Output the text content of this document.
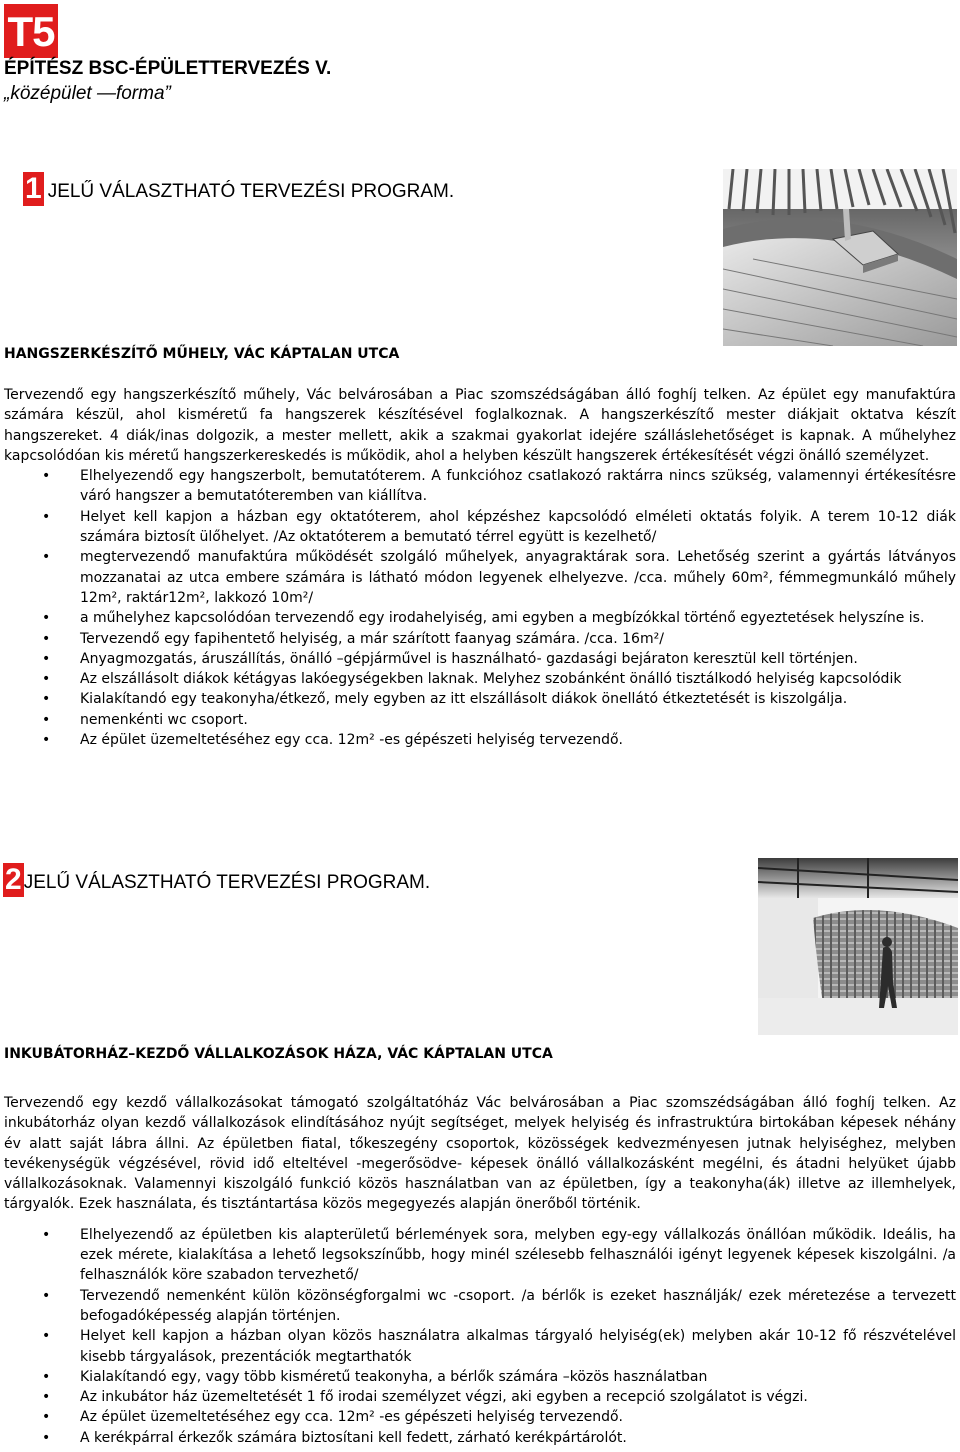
T5
ÉPÍTÉSZ BSC-ÉPÜLETTERVEZÉS V.
„középület —forma”
1 JELŰ VÁLASZTHATÓ TERVEZÉSI PROGRAM.
HANGSZERKÉSZÍTŐ MŰHELY, VÁC KÁPTALAN UTCA

Tervezendő egy hangszerkészítő műhely, Vác belvárosában a Piac szomszédságában álló foghíj telken. Az épület egy manufaktúra számára készül, ahol kisméretű fa hangszerek készítésével foglalkoznak. A hangszerkészítő mester diákjait oktatva készít hangszereket. 4 diák/inas dolgozik, a mester mellett, akik a szakmai gyakorlat idejére szálláslehetőséget is kapnak. A műhelyhez kapcsolódóan kis méretű hangszerkereskedés is működik, ahol a helyben készült hangszerek értékesítését végzi önálló személyzet.

• Elhelyezendő egy hangszerbolt, bemutatóterem. A funkcióhoz csatlakozó raktárra nincs szükség, valamennyi értékesítésre váró hangszer a bemutatóteremben van kiállítva.
• Helyet kell kapjon a házban egy oktatóterem, ahol képzéshez kapcsolódó elméleti oktatás folyik. A terem 10-12 diák számára biztosít ülőhelyet. /Az oktatóterem a bemutató térrel együtt is kezelhető/
• megtervezendő manufaktúra működését szolgáló műhelyek, anyagraktárak sora. Lehetőség szerint a gyártás látványos mozzanatai az utca embere számára is látható módon legyenek elhelyezve. /cca. műhely 60m², fémmegmunkáló műhely 12m², raktár12m², lakkozó 10m²/
• a műhelyhez kapcsolódóan tervezendő egy irodahelyiség, ami egyben a megbízókkal történő egyeztetések helyszíne is.
• Tervezendő egy fapihentető helyiség, a már szárított faanyag számára. /cca. 16m²/
• Anyagmozgatás, áruszállítás, önálló –gépjárművel is használható- gazdasági bejáraton keresztül kell történjen.
• Az elszállásolt diákok kétágyas lakóegységekben laknak. Melyhez szobánként önálló tisztálkodó helyiség kapcsolódik
• Kialakítandó egy teakonyha/étkező, mely egyben az itt elszállásolt diákok önellátó étkeztetését is kiszolgálja.
• nemenkénti wc csoport.
• Az épület üzemeltetéséhez egy cca. 12m² -es gépészeti helyiség tervezendő.
2 JELŰ VÁLASZTHATÓ TERVEZÉSI PROGRAM.
INKUBÁTORHÁZ–KEZDŐ VÁLLALKOZÁSOK HÁZA, VÁC KÁPTALAN UTCA

Tervezendő egy kezdő vállalkozásokat támogató szolgáltatóház Vác belvárosában a Piac szomszédságában álló foghíj telken. Az inkubátorház olyan kezdő vállalkozások elindításához nyújt segítséget, melyek helyiség és infrastruktúra birtokában képesek néhány év alatt saját lábra állni. Az épületben fiatal, tőkeszegény csoportok, közösségek kedvezményesen jutnak helyiséghez, melyben tevékenységük végzésével, rövid idő elteltével -megerősödve- képesek önálló vállalkozásként megélni, és átadni helyüket újabb vállalkozásoknak. Valamennyi kiszolgáló funkció közös használatban van az épületben, így a teakonyha(ák) illetve az illemhelyek, tárgyalók. Ezek használata, és tisztántartása közös megegyezés alapján önerőből történik.

• Elhelyezendő az épületben kis alapterületű bérlemények sora, melyben egy-egy vállalkozás önállóan működik. Ideális, ha ezek mérete, kialakítása a lehető legsokszínűbb, hogy minél szélesebb felhasználói igényt legyenek képesek kiszolgálni. /a felhasználók köre szabadon tervezhető/
• Tervezendő nemenként külön közönségforgalmi wc -csoport. /a bérlők is ezeket használják/ ezek méretezése a tervezett befogadóképesség alapján történjen.
• Helyet kell kapjon a házban olyan közös használatra alkalmas tárgyaló helyiség(ek) melyben akár 10-12 fő részvételével kisebb tárgyalások, prezentációk megtarthatók
• Kialakítandó egy, vagy több kisméretű teakonyha, a bérlők számára –közös használatban
• Az inkubátor ház üzemeltetését 1 fő irodai személyzet végzi, aki egyben a recepció szolgálatot is végzi.
• Az épület üzemeltetéséhez egy cca. 12m² -es gépészeti helyiség tervezendő.
• A kerékpárral érkezők számára biztosítani kell fedett, zárható kerékpártárolót.
